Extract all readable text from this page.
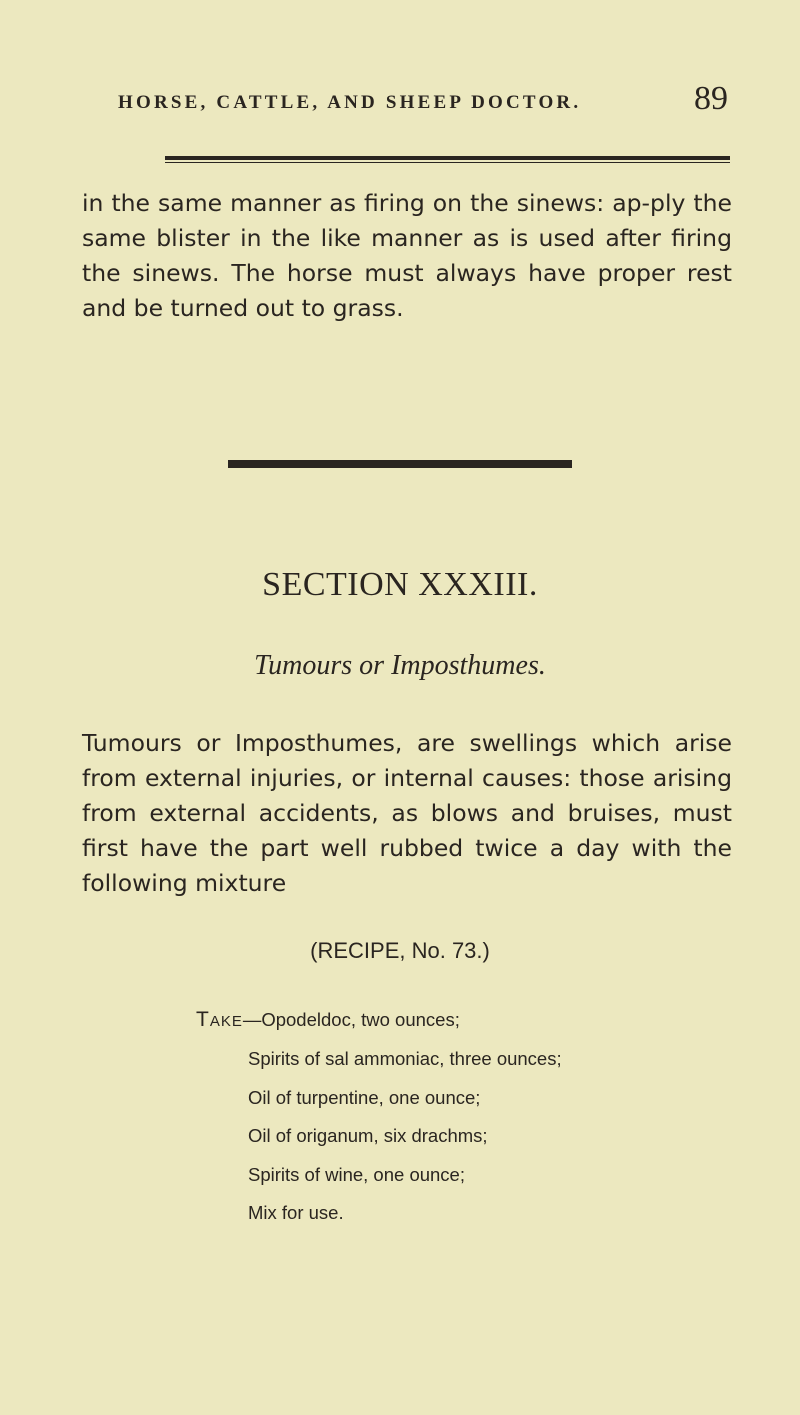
HORSE, CATTLE, AND SHEEP DOCTOR.	89

in the same manner as firing on the sinews: ap-ply the same blister in the like manner as is used after firing the sinews. The horse must always have proper rest and be turned out to grass.

SECTION XXXIII.
Tumours or Imposthumes.

Tumours or Imposthumes, are swellings which arise from external injuries, or internal causes: those arising from external accidents, as blows and bruises, must first have the part well rubbed twice a day with the following mixture

(RECIPE, No. 73.)
Take—Opodeldoc, two ounces;
Spirits of sal ammoniac, three ounces;
Oil of turpentine, one ounce;
Oil of origanum, six drachms;
Spirits of wine, one ounce;
Mix for use.
